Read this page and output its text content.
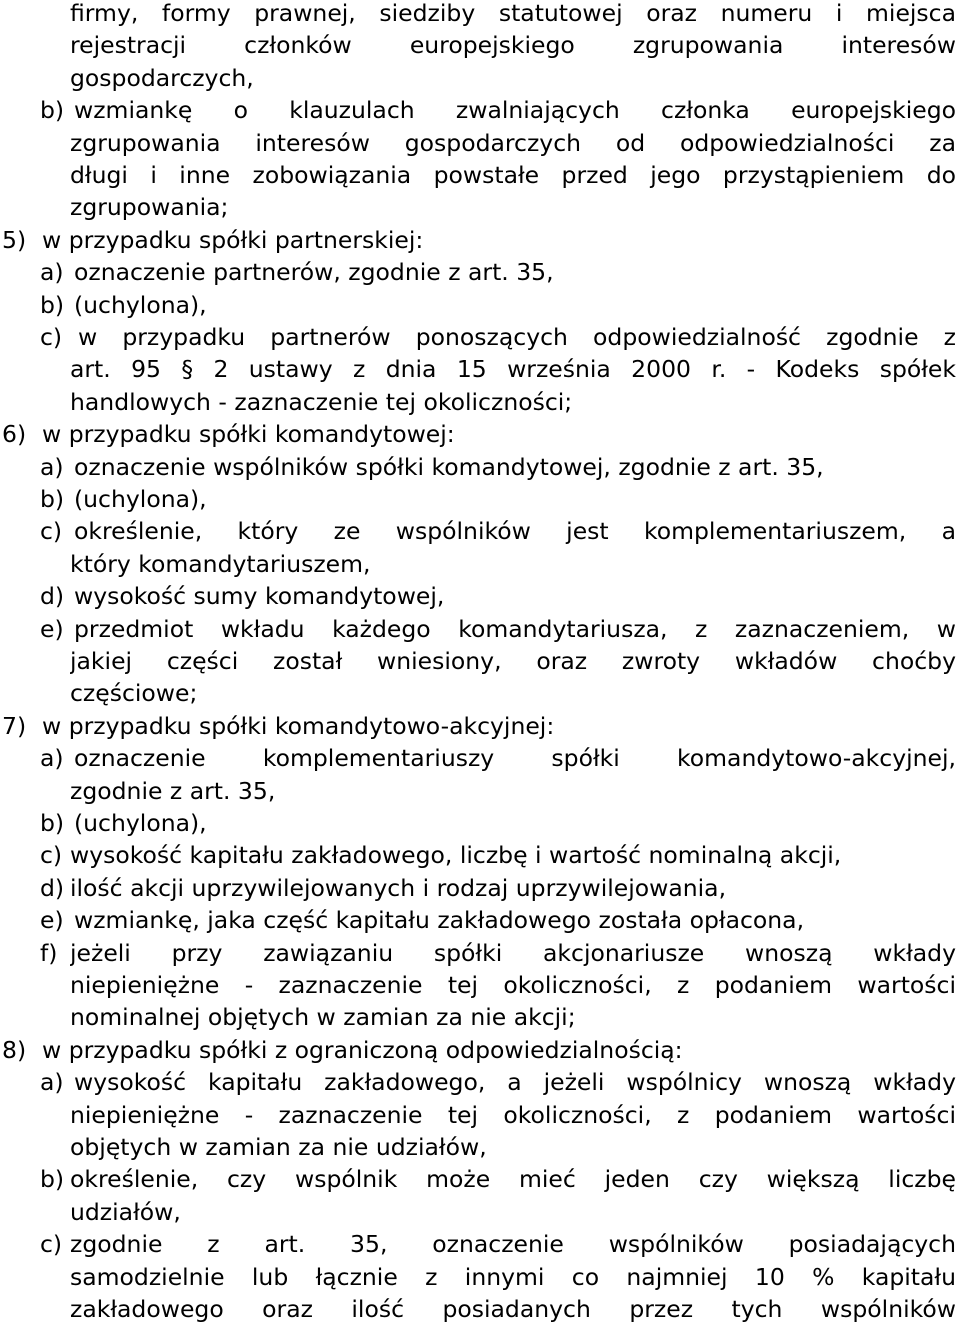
firmy, formy prawnej, siedziby statutowej oraz numeru i miejsca
rejestracji członków europejskiego zgrupowania interesów
gospodarczych,
b) wzmiankę o klauzulach zwalniających członka europejskiego
zgrupowania interesów gospodarczych od odpowiedzialności za
długi i inne zobowiązania powstałe przed jego przystąpieniem do
zgrupowania;
5) w przypadku spółki partnerskiej:
a) oznaczenie partnerów, zgodnie z art. 35,
b) (uchylona),
c) w przypadku partnerów ponoszących odpowiedzialność zgodnie z
art. 95 § 2 ustawy z dnia 15 września 2000 r. - Kodeks spółek
handlowych - zaznaczenie tej okoliczności;
6) w przypadku spółki komandytowej:
a) oznaczenie wspólników spółki komandytowej, zgodnie z art. 35,
b) (uchylona),
c) określenie, który ze wspólników jest komplementariuszem, a
który komandytariuszem,
d) wysokość sumy komandytowej,
e) przedmiot wkładu każdego komandytariusza, z zaznaczeniem, w
jakiej części został wniesiony, oraz zwroty wkładów choćby
częściowe;
7) w przypadku spółki komandytowo-akcyjnej:
a) oznaczenie komplementariuszy spółki komandytowo-akcyjnej,
zgodnie z art. 35,
b) (uchylona),
c) wysokość kapitału zakładowego, liczbę i wartość nominalną akcji,
d) ilość akcji uprzywilejowanych i rodzaj uprzywilejowania,
e) wzmiankę, jaka część kapitału zakładowego została opłacona,
f) jeżeli przy zawiązaniu spółki akcjonariusze wnoszą wkłady
niepieniężne - zaznaczenie tej okoliczności, z podaniem wartości
nominalnej objętych w zamian za nie akcji;
8) w przypadku spółki z ograniczoną odpowiedzialnością:
a) wysokość kapitału zakładowego, a jeżeli wspólnicy wnoszą wkłady
niepieniężne - zaznaczenie tej okoliczności, z podaniem wartości
objętych w zamian za nie udziałów,
b) określenie, czy wspólnik może mieć jeden czy większą liczbę
udziałów,
c) zgodnie z art. 35, oznaczenie wspólników posiadających
samodzielnie lub łącznie z innymi co najmniej 10 % kapitału
zakładowego oraz ilość posiadanych przez tych wspólników
